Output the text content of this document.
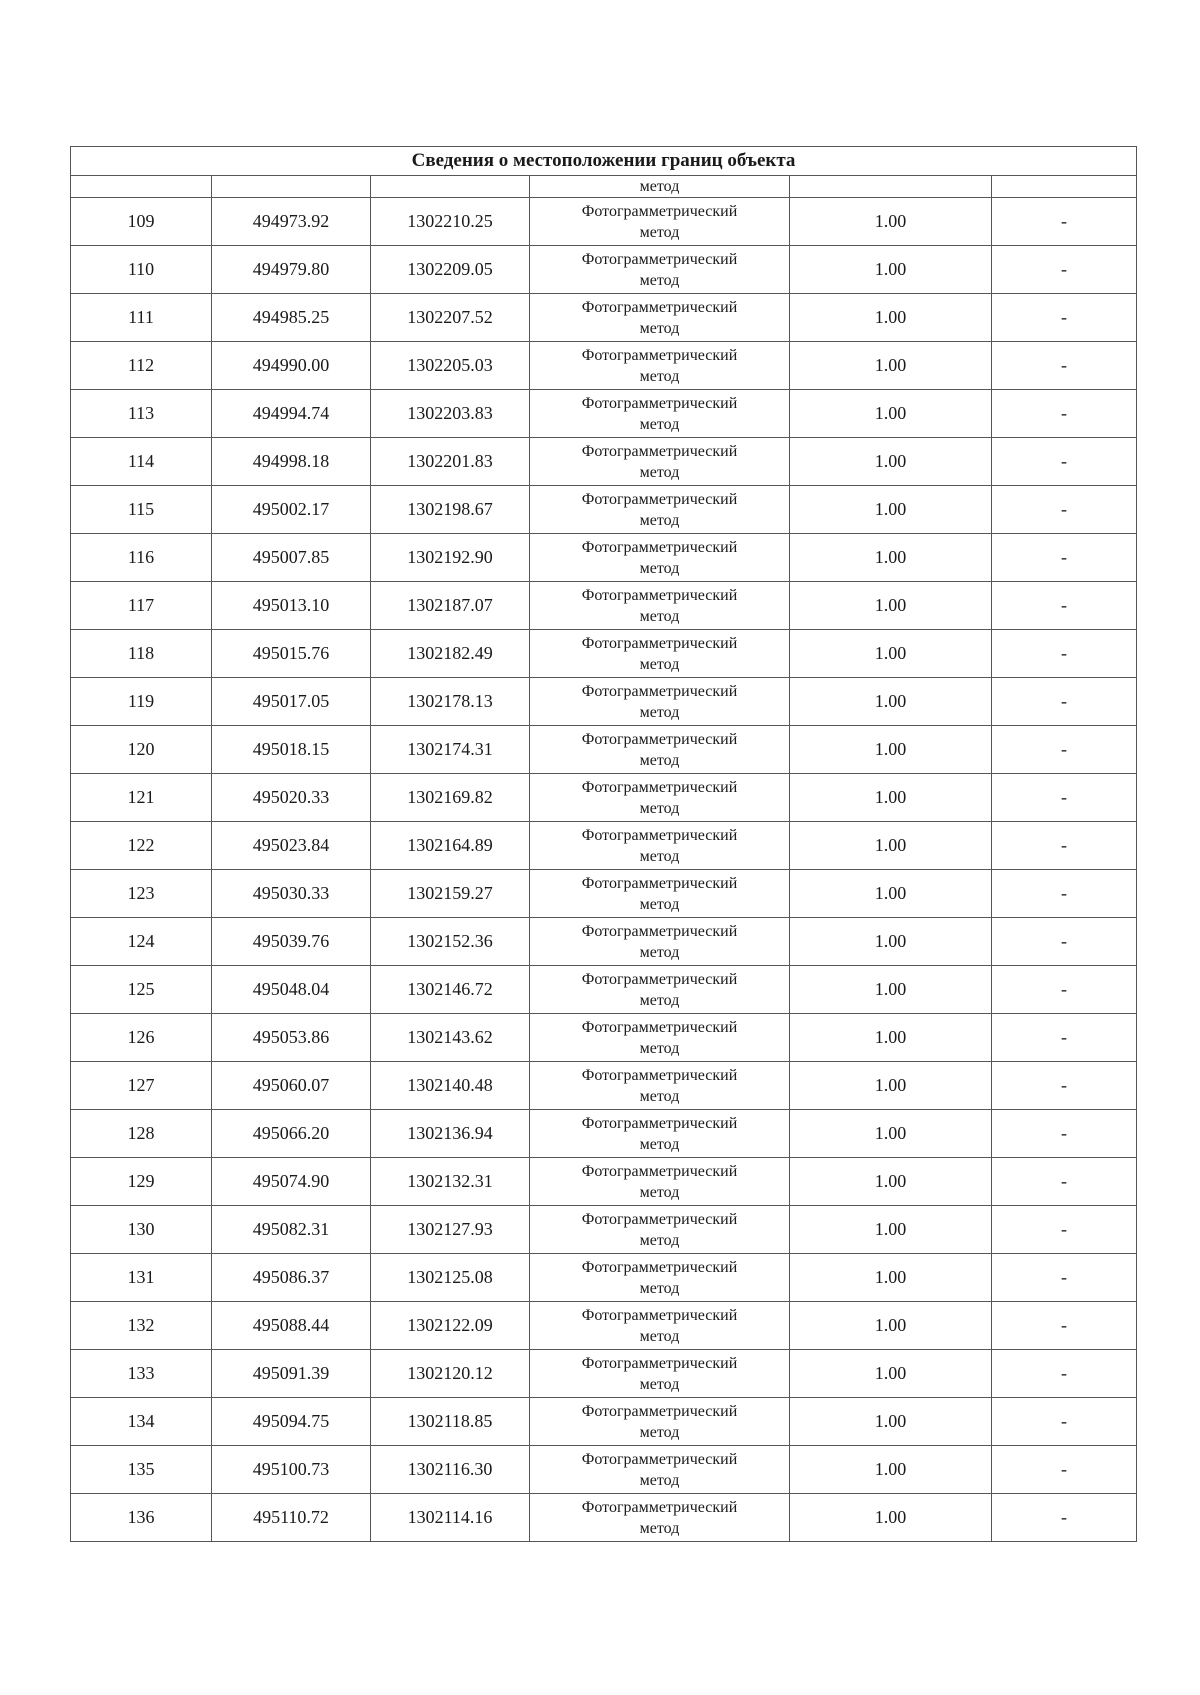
Сведения о местоположении границ объекта					
			метод		
109	494973.92	1302210.25	Фотограмметрический
метод	1.00	-
110	494979.80	1302209.05	Фотограмметрический
метод	1.00	-
111	494985.25	1302207.52	Фотограмметрический
метод	1.00	-
112	494990.00	1302205.03	Фотограмметрический
метод	1.00	-
113	494994.74	1302203.83	Фотограмметрический
метод	1.00	-
114	494998.18	1302201.83	Фотограмметрический
метод	1.00	-
115	495002.17	1302198.67	Фотограмметрический
метод	1.00	-
116	495007.85	1302192.90	Фотограмметрический
метод	1.00	-
117	495013.10	1302187.07	Фотограмметрический
метод	1.00	-
118	495015.76	1302182.49	Фотограмметрический
метод	1.00	-
119	495017.05	1302178.13	Фотограмметрический
метод	1.00	-
120	495018.15	1302174.31	Фотограмметрический
метод	1.00	-
121	495020.33	1302169.82	Фотограмметрический
метод	1.00	-
122	495023.84	1302164.89	Фотограмметрический
метод	1.00	-
123	495030.33	1302159.27	Фотограмметрический
метод	1.00	-
124	495039.76	1302152.36	Фотограмметрический
метод	1.00	-
125	495048.04	1302146.72	Фотограмметрический
метод	1.00	-
126	495053.86	1302143.62	Фотограмметрический
метод	1.00	-
127	495060.07	1302140.48	Фотограмметрический
метод	1.00	-
128	495066.20	1302136.94	Фотограмметрический
метод	1.00	-
129	495074.90	1302132.31	Фотограмметрический
метод	1.00	-
130	495082.31	1302127.93	Фотограмметрический
метод	1.00	-
131	495086.37	1302125.08	Фотограмметрический
метод	1.00	-
132	495088.44	1302122.09	Фотограмметрический
метод	1.00	-
133	495091.39	1302120.12	Фотограмметрический
метод	1.00	-
134	495094.75	1302118.85	Фотограмметрический
метод	1.00	-
135	495100.73	1302116.30	Фотограмметрический
метод	1.00	-
136	495110.72	1302114.16	Фотограмметрический
метод	1.00	-
